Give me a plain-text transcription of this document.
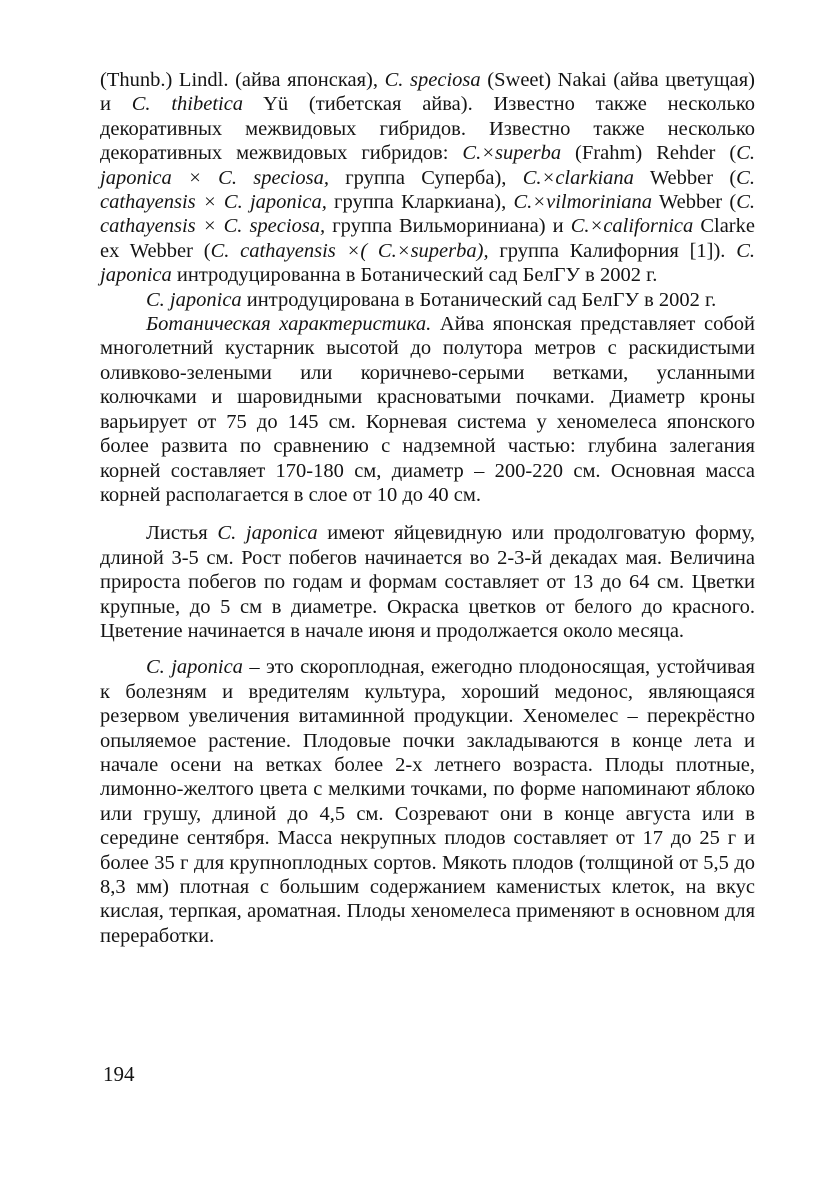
(Thunb.) Lindl. (айва японская), C. speciosa (Sweet) Nakai (айва цветущая) и C. thibetica Yü (тибетская айва). Известно также несколько декоративных межвидовых гибридов. Известно также несколько декоративных межвидовых гибридов: C.×superba (Frahm) Rehder (C. japonica × C. speciosa, группа Суперба), C.×clarkiana Webber (C. cathayensis × C. japonica, группа Кларкиана), C.×vilmoriniana Webber (C. cathayensis × C. speciosa, группа Вильморинианa) и C.×californica Clarke ex Webber (C. cathayensis ×( C.×superba), группа Калифорния [1]). C. japonica интродуцированна в Ботанический сад БелГУ в 2002 г.

C. japonica интродуцирована в Ботанический сад БелГУ в 2002 г.

Ботаническая характеристика. Айва японская представляет собой многолетний кустарник высотой до полутора метров с раскидистыми оливково-зелеными или коричнево-серыми ветками, усланными колючками и шаровидными красноватыми почками. Диаметр кроны варьирует от 75 до 145 см. Корневая система у хеномелеса японского более развита по сравнению с надземной частью: глубина залегания корней составляет 170-180 см, диаметр – 200-220 см. Основная масса корней располагается в слое от 10 до 40 см.

Листья C. japonica имеют яйцевидную или продолговатую форму, длиной 3-5 см. Рост побегов начинается во 2-3-й декадах мая. Величина прироста побегов по годам и формам составляет от 13 до 64 см. Цветки крупные, до 5 см в диаметре. Окраска цветков от белого до красного. Цветение начинается в начале июня и продолжается около месяца.

C. japonica – это скороплодная, ежегодно плодоносящая, устойчивая к болезням и вредителям культура, хороший медонос, являющаяся резервом увеличения витаминной продукции. Хеномелес – перекрёстно опыляемое растение. Плодовые почки закладываются в конце лета и начале осени на ветках более 2-х летнего возраста. Плоды плотные, лимонно-желтого цвета с мелкими точками, по форме напоминают яблоко или грушу, длиной до 4,5 см. Созревают они в конце августа или в середине сентября. Масса некрупных плодов составляет от 17 до 25 г и более 35 г для крупноплодных сортов. Мякоть плодов (толщиной от 5,5 до 8,3 мм) плотная с большим содержанием каменистых клеток, на вкус кислая, терпкая, ароматная. Плоды хеномелеса применяют в основном для переработки.

194
